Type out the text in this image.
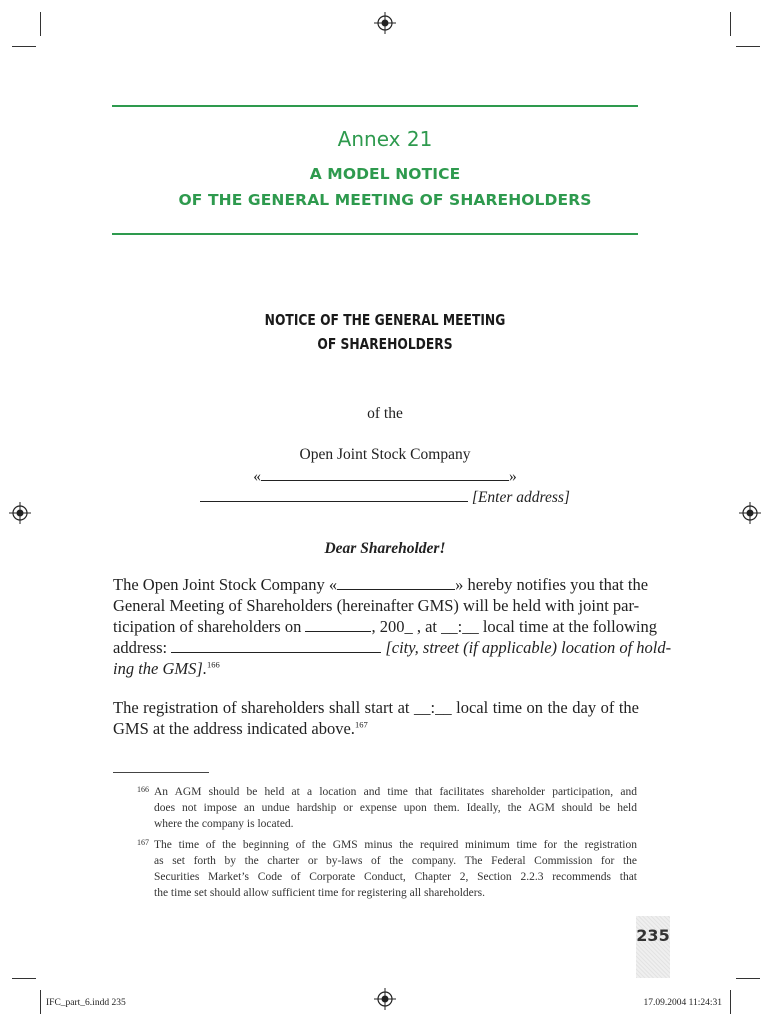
Annex 21
A MODEL NOTICE
OF THE GENERAL MEETING OF SHAREHOLDERS
NOTICE OF THE GENERAL MEETING
OF SHAREHOLDERS
of the
Open Joint Stock Company
«	»
[Enter address]
Dear Shareholder!
The Open Joint Stock Company «	» hereby notifies you that the
General Meeting of Shareholders (hereinafter GMS) will be held with joint par-
ticipation of shareholders on	, 200_ , at __:__ local time at the following
address:	[city, street (if applicable) location of hold-
ing the GMS].$^{166}$
The registration of shareholders shall start at __:__ local time on the day of the
GMS at the address indicated above.$^{167}$
166 An AGM should be held at a location and time that facilitates shareholder participation, and
does not impose an undue hardship or expense upon them. Ideally, the AGM should be held
where the company is located.
167 The time of the beginning of the GMS minus the required minimum time for the registration
as set forth by the charter or by-laws of the company. The Federal Commission for the
Securities Market’s Code of Corporate Conduct, Chapter 2, Section 2.2.3 recommends that
the time set should allow sufficient time for registering all shareholders.
235
IFC_part_6.indd 235	17.09.2004 11:24:31
